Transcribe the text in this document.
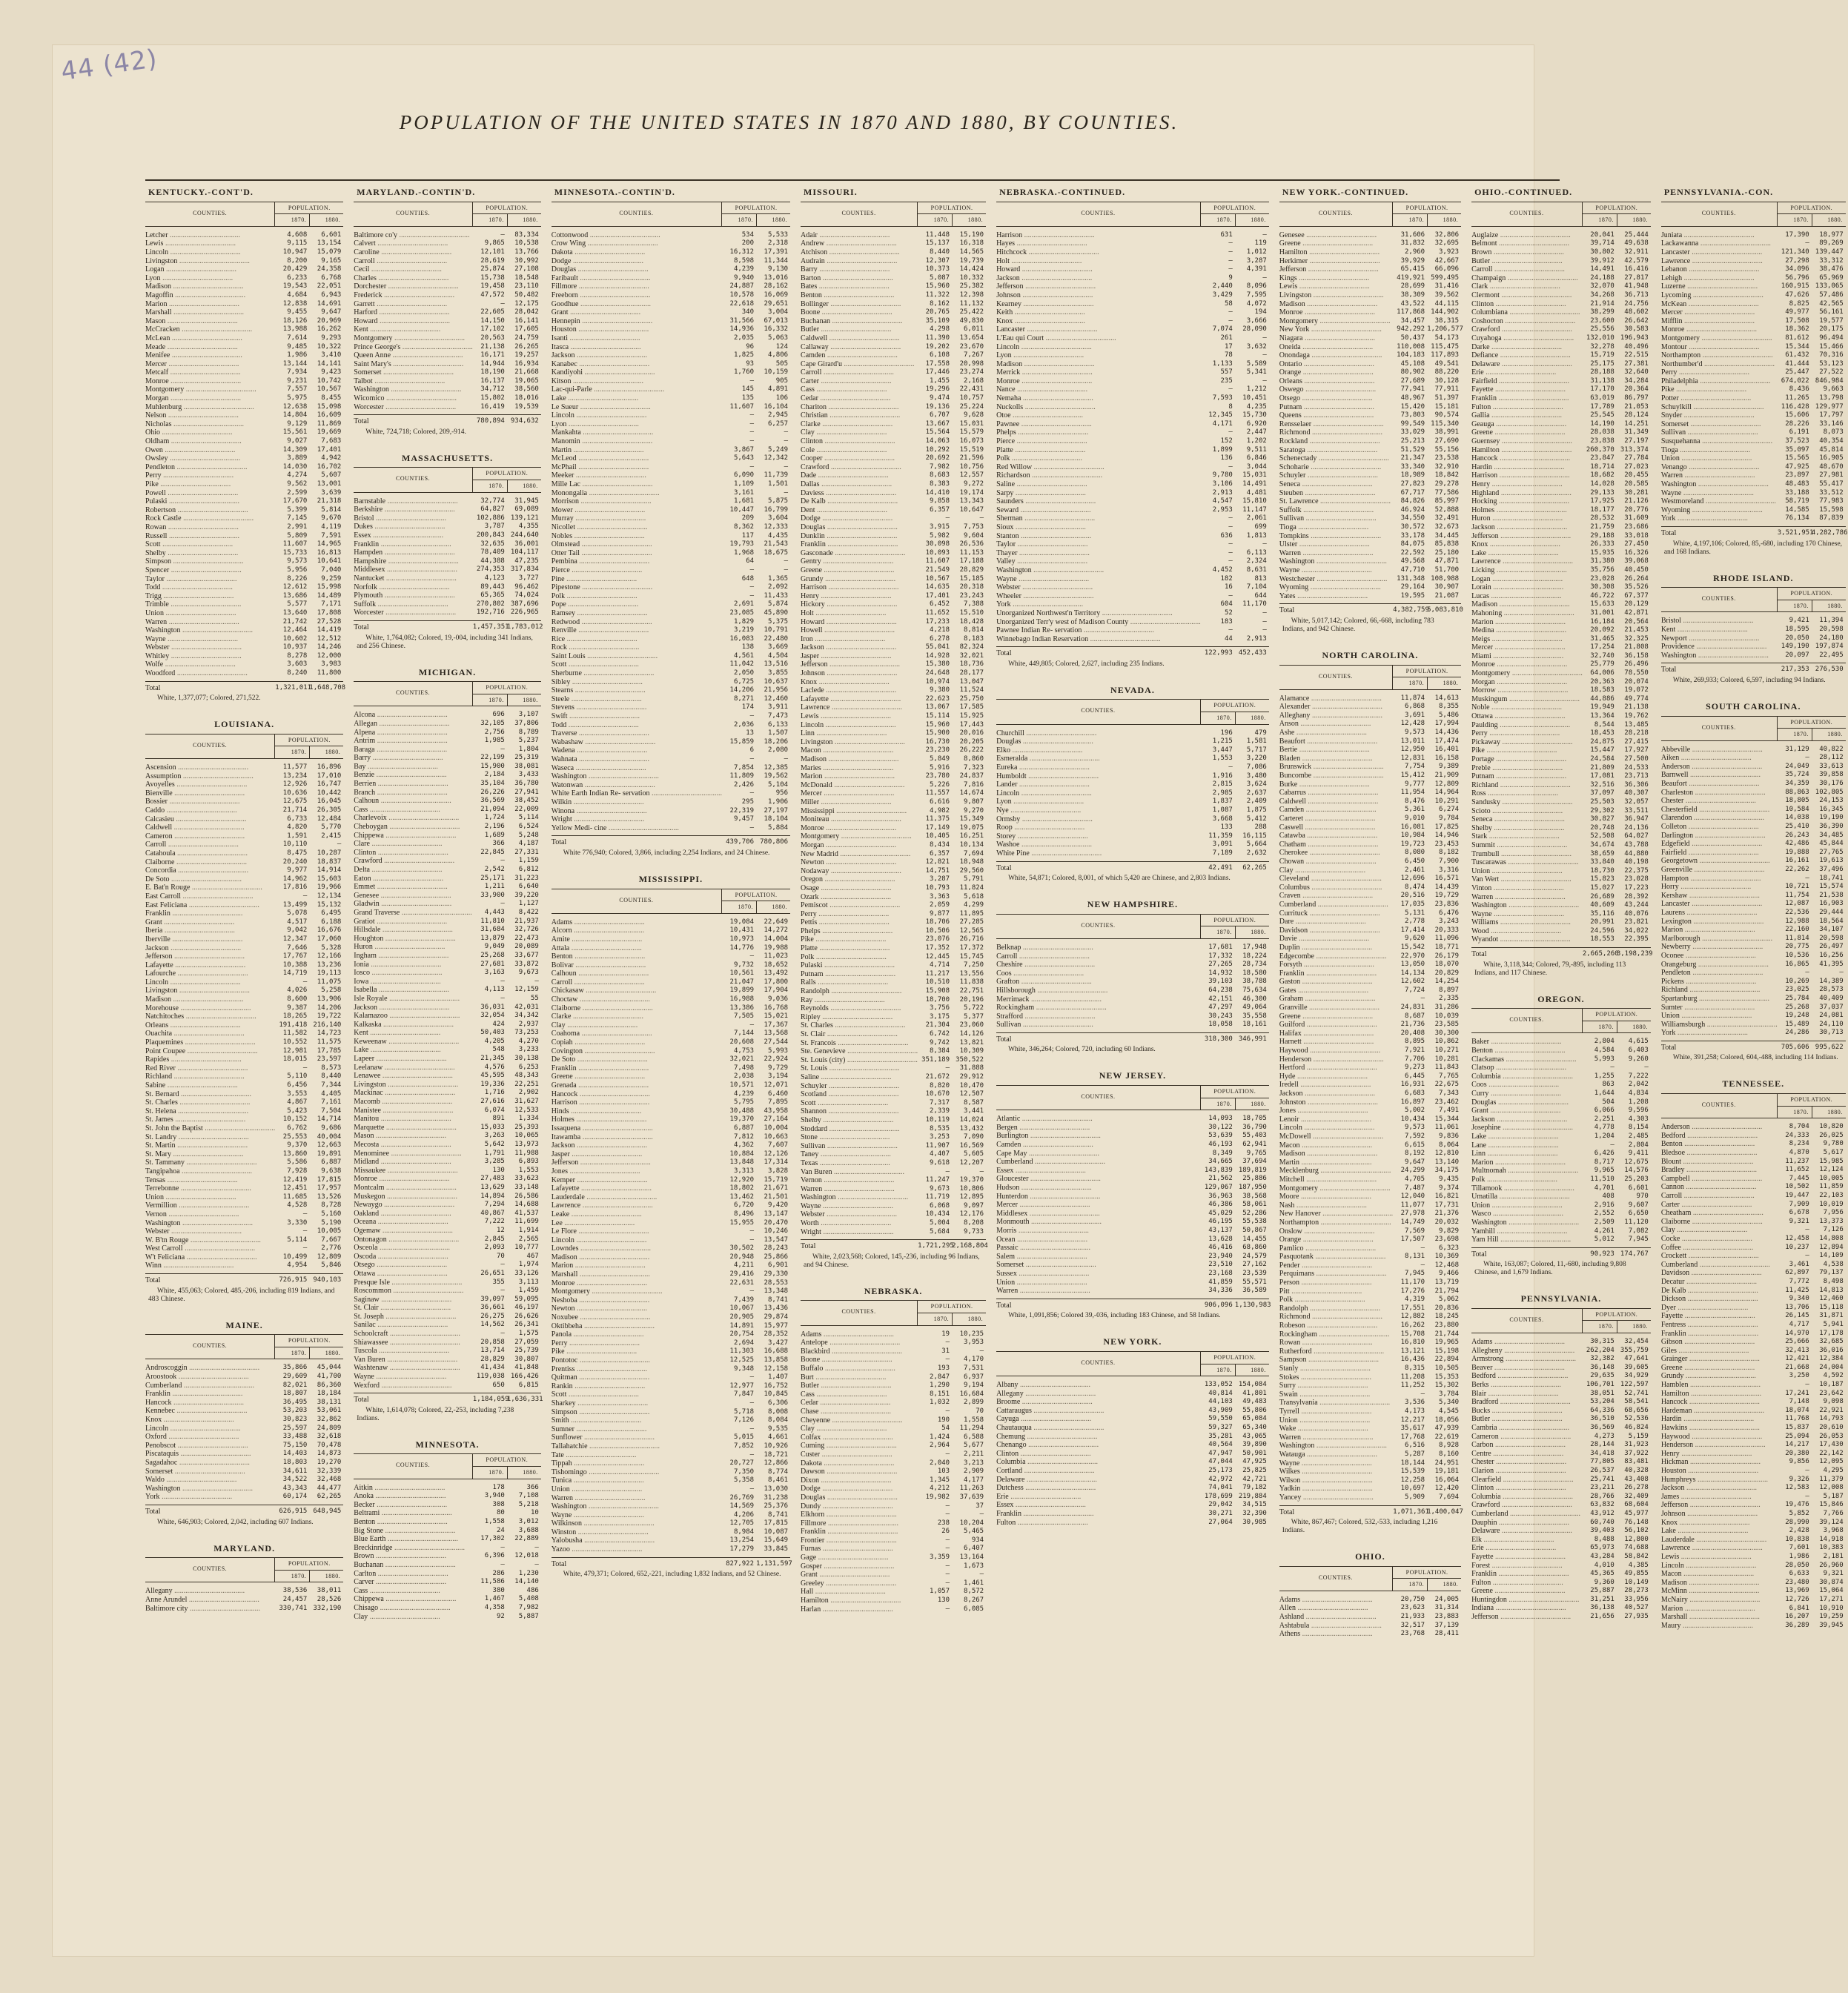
44 (42)
POPULATION OF THE UNITED STATES IN 1870 AND 1880, BY COUNTIES.
KENTUCKY.-CONT'D.
COUNTIES.
POPULATION.
1870.	1880.
Letcher .....	4,608	6,601
Lewis .....	9,115	13,154
Lincoln .....	10,947	15,079
Livingston .....	8,200	9,165
Logan .....	20,429	24,358
Lyon .....	6,233	6,768
Madison .....	19,543	22,051
Magoffin .....	4,684	6,943
Marion .....	12,838	14,691
Marshall .....	9,455	9,647
Mason .....	18,126	20,969
McCracken .....	13,988	16,262
McLean .....	7,614	9,293
Meade .....	9,485	10,322
Menifee .....	1,986	3,410
Mercer .....	13,144	14,141
Metcalf .....	7,934	9,423
Monroe .....	9,231	10,742
Montgomery .....	7,557	10,567
Morgan .....	5,975	8,455
Muhlenburg .....	12,638	15,098
Nelson .....	14,804	16,609
Nicholas .....	9,129	11,869
Ohio .....	15,561	19,669
Oldham .....	9,027	7,683
Owen .....	14,309	17,401
Owsley .....	3,889	4,942
Pendleton .....	14,030	16,702
Perry .....	4,274	5,607
Pike .....	9,562	13,001
Powell .....	2,599	3,639
Pulaski .....	17,670	21,318
Robertson .....	5,399	5,814
Rock Castle .....	7,145	9,670
Rowan .....	2,991	4,119
Russell .....	5,809	7,591
Scott .....	11,607	14,965
Shelby .....	15,733	16,813
Simpson .....	9,573	10,641
Spencer .....	5,956	7,040
Taylor .....	8,226	9,259
Todd .....	12,612	15,998
Trigg .....	13,686	14,489
Trimble .....	5,577	7,171
Union .....	13,640	17,808
Warren .....	21,742	27,528
Washington .....	12,464	14,419
Wayne .....	10,602	12,512
Webster .....	10,937	14,246
Whitley .....	8,278	12,000
Wolfe .....	3,603	3,983
Woodford .....	8,240	11,800
Total	1,321,011
1,648,708
White, 1,377,077; Colored, 271,522.
LOUISIANA.
COUNTIES.
POPULATION.
1870.	1880.
Ascension .....	11,577	16,896
Assumption .....	13,234	17,010
Avoyelles .....	12,926	16,747
Bienville .....	10,636	10,442
Bossier .....	12,675	16,045
Caddo .....	21,714	26,305
Calcasieu .....	6,733	12,484
Caldwell .....	4,820	5,770
Cameron .....	1,591	2,415
Carroll .....	10,110	—
Catahoula .....	8,475	10,287
Claiborne .....	20,240	18,837
Concordia .....	9,977	14,914
De Soto .....	14,962	15,603
E. Bat'n Rouge .....	17,816	19,966
East Carroll .....	—	12,134
East Feliciana .....	13,499	15,132
Franklin .....	5,078	6,495
Grant .....	4,517	6,188
Iberia .....	9,042	16,676
Iberville .....	12,347	17,060
Jackson .....	7,646	5,328
Jefferson .....	17,767	12,166
Lafayette .....	10,388	13,236
Lafourche .....	14,719	19,113
Lincoln .....	—	11,075
Livingston .....	4,026	5,258
Madison .....	8,600	13,906
Morehouse .....	9,387	14,206
Natchitoches .....	18,265	19,722
Orleans .....	191,418 216,140
Ouachita .....	11,582	14,723
Plaquemines .....	10,552	11,575
Point Coupee .....	12,981	17,785
Rapides .....	18,015	23,597
Red River .....	—	8,573
Richland .....	5,110	8,440
Sabine .....	6,456	7,344
St. Bernard .....	3,553	4,405
St. Charles .....	4,867	7,161
St. Helena .....	5,423	7,504
St. James .....	10,152	14,714
St. John the Baptist .....	6,762	9,686
St. Landry .....	25,553	40,004
St. Martin .....	9,370	12,663
St. Mary .....	13,860	19,891
St. Tammany .....	5,586	6,887
Tangipahoa .....	7,928	9,638
Tensas .....	12,419	17,815
Terrebonne .....	12,451	17,957
Union .....	11,685	13,526
Vermillion .....	4,528	8,728
Vernon .....	—	5,160
Washington .....	3,330	5,190
Webster .....	—	10,005
W. B'tn Rouge .....	5,114	7,667
West Carroll .....	—	2,776
W't Feliciana .....	10,499	12,809
Winn .....	4,954	5,846
Total	726,915 940,103
White, 455,063; Colored, 485,-206, including 819 Indians, and 483 Chinese.
MAINE.
COUNTIES.
POPULATION.
1870.	1880.
Androscoggin .....	35,866	45,044
Aroostook .....	29,609	41,700
Cumberland .....	82,021	86,360
Franklin .....	18,807	18,184
Hancock .....	36,495	38,131
Kennebec .....	53,203	53,061
Knox .....	30,823	32,862
Lincoln .....	25,597	24,809
Oxford .....	33,488	32,618
Penobscot .....	75,150	70,478
Piscataquis .....	14,403	14,873
Sagadahoc .....	18,803	19,270
Somerset .....	34,611	32,339
Waldo .....	34,522	32,468
Washington .....	43,343	44,477
York .....	60,174	62,265
Total	626,915 648,945
White, 646,903; Colored, 2,042, including 607 Indians.
MARYLAND.
COUNTIES.
POPULATION.
1870.	1880.
Allegany .....	38,536	38,011
Anne Arundel .....	24,457	28,526
Baltimore city .....	330,741 332,190
MARYLAND.-CONTIN'D.
COUNTIES.
POPULATION.
1870.	1880.
Baltimore co'y .....	—	83,334
Calvert .....	9,865	10,538
Caroline .....	12,101	13,766
Carroll .....	28,619	30,992
Cecil .....	25,874	27,108
Charles .....	15,738	18,548
Dorchester .....	19,458	23,110
Frederick .....	47,572	50,482
Garrett .....	—	12,175
Harford .....	22,605	28,042
Howard .....	14,150	16,141
Kent .....	17,102	17,605
Montgomery .....	20,563	24,759
Prince George's .....	21,138	26,265
Queen Anne .....	16,171	19,257
Saint Mary's .....	14,944	16,934
Somerset .....	18,190	21,668
Talbot .....	16,137	19,065
Washington .....	34,712	38,560
Wicomico .....	15,802	18,016
Worcester .....	16,419	19,539
Total	780,894 934,632
White, 724,718; Colored, 209,-914.
MASSACHUSETTS.
COUNTIES.
POPULATION.
1870.	1880.
Barnstable .....	32,774	31,945
Berkshire .....	64,827	69,089
Bristol .....	102,886 139,121
Dukes .....	3,787	4,355
Essex .....	200,843 244,640
Franklin .....	32,635	36,001
Hampden .....	78,409 104,117
Hampshire .....	44,388	47,235
Middlesex .....	274,353 317,834
Nantucket .....	4,123	3,727
Norfolk .....	89,443	96,462
Plymouth .....	65,365	74,024
Suffolk .....	270,802 387,696
Worcester .....	192,716 226,965
Total	1,457,351
1,783,012
White, 1,764,082; Colored, 19,-004, including 341 Indians, and 256 Chinese.
MICHIGAN.
COUNTIES.
POPULATION.
1870.	1880.
Alcona .....	696	3,107
Allegan .....	32,105	37,806
Alpena .....	2,756	8,789
Antrim .....	1,985	5,237
Baraga .....	—	1,804
Barry .....	22,199	25,319
Bay .....	15,900	38,081
Benzie .....	2,184	3,433
Berrien .....	35,104	36,780
Branch .....	26,226	27,941
Calhoun .....	36,569	38,452
Cass .....	21,094	22,009
Charlevoix .....	1,724	5,114
Cheboygan .....	2,196	6,524
Chippewa .....	1,689	5,248
Clare .....	366	4,187
Clinton .....	22,845	27,331
Crawford .....	—	1,159
Delta .....	2,542	6,812
Eaton .....	25,171	31,223
Emmet .....	1,211	6,640
Genesee .....	33,900	39,220
Gladwin .....	—	1,127
Grand Traverse .....	4,443	8,422
Gratiot .....	11,810	21,937
Hillsdale .....	31,684	32,726
Houghton .....	13,879	22,473
Huron .....	9,049	20,089
Ingham .....	25,268	33,677
Ionia .....	27,681	33,872
Iosco .....	3,163	9,673
Iowa .....	—	—
Isabella .....	4,113	12,159
Isle Royale .....	—	55
Jackson .....	36,031	42,031
Kalamazoo .....	32,054	34,342
Kalkaska .....	424	2,937
Kent .....	50,403	73,253
Keweenaw .....	4,205	4,270
Lake .....	548	3,233
Lapeer .....	21,345	30,138
Leelanaw .....	4,576	6,253
Lenawee .....	45,595	48,343
Livingston .....	19,336	22,251
Mackinac .....	1,716	2,902
Macomb .....	27,616	31,627
Manistee .....	6,074	12,533
Manitou .....	891	1,334
Marquette .....	15,033	25,393
Mason .....	3,263	10,065
Mecosta .....	5,642	13,973
Menominee .....	1,791	11,988
Midland .....	3,285	6,893
Missaukee .....	130	1,553
Monroe .....	27,483	33,623
Montcalm .....	13,629	33,148
Muskegon .....	14,894	26,586
Newaygo .....	7,294	14,688
Oakland .....	40,867	41,537
Oceana .....	7,222	11,699
Ogemaw .....	12	1,914
Ontonagon .....	2,845	2,565
Osceola .....	2,093	10,777
Oscoda .....	70	467
Otsego .....	—	1,974
Ottawa .....	26,651	33,126
Presque Isle .....	355	3,113
Roscommon .....	—	1,459
Saginaw .....	39,097	59,095
St. Clair .....	36,661	46,197
St. Joseph .....	26,275	26,626
Sanilac .....	14,562	26,341
Schoolcraft .....	—	1,575
Shiawassee .....	20,858	27,059
Tuscola .....	13,714	25,739
Van Buren .....	28,829	30,807
Washtenaw .....	41,434	41,848
Wayne .....	119,038 166,426
Wexford .....	650	6,815
Total	1,184,059
1,636,331
White, 1,614,078; Colored, 22,-253, including 7,238 Indians.
MINNESOTA.
COUNTIES.
POPULATION.
1870.	1880.
Aitkin .....	178	366
Anoka .....	3,940	7,108
Becker .....	308	5,218
Beltrami .....	80	10
Benton .....	1,558	3,012
Big Stone .....	24	3,688
Blue Earth .....	17,302	22,889
Breckinridge .....	—	—
Brown .....	6,396	12,018
Buchanan .....	—	—
Carlton .....	286	1,230
Carver .....	11,586	14,140
Cass .....	380	486
Chippewa .....	1,467	5,408
Chisago .....	4,358	7,982
Clay .....	92	5,887
MINNESOTA.-CONTIN'D.
COUNTIES.
POPULATION.
1870.	1880.
Cottonwood .....	534	5,533
Crow Wing .....	200	2,318
Dakota .....	16,312	17,391
Dodge .....	8,598	11,344
Douglas .....	4,239	9,130
Faribault .....	9,940	13,016
Fillmore .....	24,887	28,162
Freeborn .....	10,578	16,069
Goodhue .....	22,618	29,651
Grant .....	340	3,004
Hennepin .....	31,566	67,013
Houston .....	14,936	16,332
Isanti .....	2,035	5,063
Itasca .....	96	124
Jackson .....	1,825	4,806
Kanabec .....	93	505
Kandiyohi .....	1,760	10,159
Kitson .....	—	905
Lac-qui-Parle .....	145	4,891
Lake .....	135	106
Le Sueur .....	11,607	16,104
Lincoln .....	—	2,945
Lyon .....	—	6,257
Mankahta .....	—	—
Manomin .....	—	—
Martin .....	3,867	5,249
McLeod .....	5,643	12,342
McPhail .....	—	—
Meeker .....	6,090	11,739
Mille Lac .....	1,109	1,501
Monongalia .....	3,161	—
Morrison .....	1,681	5,875
Mower .....	10,447	16,799
Murray .....	209	3,604
Nicollet .....	8,362	12,333
Nobles .....	117	4,435
Olmstead .....	19,793	21,543
Otter Tail .....	1,968	18,675
Pembina .....	64	—
Pierce .....	—	—
Pine .....	648	1,365
Pipestone .....	—	2,092
Polk .....	—	11,433
Pope .....	2,691	5,874
Ramsey .....	23,085	45,890
Redwood .....	1,829	5,375
Renville .....	3,219	10,791
Rice .....	16,083	22,480
Rock .....	138	3,669
Saint Louis .....	4,561	4,504
Scott .....	11,042	13,516
Sherburne .....	2,050	3,855
Sibley .....	6,725	10,637
Stearns .....	14,206	21,956
Steele .....	8,271	12,460
Stevens .....	174	3,911
Swift .....	—	7,473
Todd .....	2,036	6,133
Traverse .....	13	1,507
Wabashaw .....	15,859	18,206
Wadena .....	6	2,080
Wahnata .....	—	—
Waseca .....	7,854	12,385
Washington .....	11,809	19,562
Watonwan .....	2,426	5,104
White Earth Indian Re- servation .....	—	956
Wilkin .....	295	1,906
Winona .....	22,319	27,197
Wright .....	9,457	18,104
Yellow Medi- cine .....	—	5,884
Total	439,706 780,806
White 776,940; Colored, 3,866, including 2,254 Indians, and 24 Chinese.
MISSISSIPPI.
COUNTIES.
POPULATION.
1870.	1880.
Adams .....	19,084	22,649
Alcorn .....	10,431	14,272
Amite .....	10,973	14,004
Attala .....	14,776	19,988
Benton .....	—	11,023
Bolivar .....	9,732	18,652
Calhoun .....	10,561	13,492
Carroll .....	21,047	17,800
Chickasaw .....	19,899	17,904
Choctaw .....	16,988	9,036
Claiborne .....	13,386	16,768
Clarke .....	7,505	15,021
Clay .....	—	17,367
Coahoma .....	7,144	13,568
Copiah .....	20,608	27,544
Covington .....	4,753	5,993
De Soto .....	32,021	22,924
Franklin .....	7,498	9,729
Greene .....	2,038	3,194
Grenada .....	10,571	12,071
Hancock .....	4,239	6,460
Harrison .....	5,795	7,895
Hinds .....	30,488	43,958
Holmes .....	19,370	27,164
Issaquena .....	6,887	10,004
Itawamba .....	7,812	10,663
Jackson .....	4,362	7,607
Jasper .....	10,884	12,126
Jefferson .....	13,848	17,314
Jones .....	3,313	3,828
Kemper .....	12,920	15,719
Lafayette .....	18,802	21,671
Lauderdale .....	13,462	21,501
Lawrence .....	6,720	9,420
Leake .....	8,496	13,147
Lee .....	15,955	20,470
Le Flore .....	—	10,246
Lincoln .....	—	13,547
Lowndes .....	30,502	28,243
Madison .....	20,948	25,866
Marion .....	4,211	6,901
Marshall .....	29,416	29,330
Monroe .....	22,631	28,553
Montgomery .....	—	13,348
Neshoba .....	7,439	8,741
Newton .....	10,067	13,436
Noxubee .....	20,905	29,874
Oktibbeha .....	14,891	15,977
Panola .....	20,754	28,352
Perry .....	2,694	3,427
Pike .....	11,303	16,688
Pontotoc .....	12,525	13,858
Prentiss .....	9,348	12,158
Quitman .....	—	1,407
Rankin .....	12,977	16,752
Scott .....	7,847	10,845
Sharkey .....	—	6,306
Simpson .....	5,718	8,008
Smith .....	7,126	8,084
Sumner .....	—	9,535
Sunflower .....	5,015	4,661
Tallahatchie .....	7,852	10,926
Tate .....	—	18,721
Tippah .....	20,727	12,866
Tishomingo .....	7,350	8,774
Tunica .....	5,358	8,461
Union .....	—	13,030
Warren .....	26,769	31,238
Washington .....	14,569	25,376
Wayne .....	4,206	8,741
Wilkinson .....	12,705	17,815
Winston .....	8,984	10,087
Yalobusha .....	13,254	15,649
Yazoo .....	17,279	33,845
Total	827,922 1,131,597
White, 479,371; Colored, 652,-221, including 1,832 Indians, and 52 Chinese.
MISSOURI.
COUNTIES.
POPULATION.
1870.	1880.
Adair .....	11,448	15,190
Andrew .....	15,137	16,318
Atchison .....	8,440	14,565
Audrain .....	12,307	19,739
Barry .....	10,373	14,424
Barton .....	5,087	10,332
Bates .....	15,960	25,382
Benton .....	11,322	12,398
Bollinger .....	8,162	11,132
Boone .....	20,765	25,422
Buchanan .....	35,109	49,830
Butler .....	4,298	6,011
Caldwell .....	11,390	13,654
Callaway .....	19,202	23,670
Camden .....	6,108	7,267
Cape Girard'u .....	17,558	20,998
Carroll .....	17,446	23,274
Carter .....	1,455	2,168
Cass .....	19,296	22,431
Cedar .....	9,474	10,757
Chariton .....	19,136	25,224
Christian .....	6,707	9,628
Clarke .....	13,667	15,031
Clay .....	15,564	15,579
Clinton .....	14,063	16,073
Cole .....	10,292	15,519
Cooper .....	20,692	21,596
Crawford .....	7,982	10,756
Dade .....	8,683	12,557
Dallas .....	8,383	9,272
Daviess .....	14,410	19,174
De Kalb .....	9,858	13,343
Dent .....	6,357	10,647
Dodge .....	—	—
Douglas .....	3,915	7,753
Dunklin .....	5,982	9,604
Franklin .....	30,098	26,536
Gasconade .....	10,093	11,153
Gentry .....	11,607	17,188
Greene .....	21,549	28,829
Grundy .....	10,567	15,185
Harrison .....	14,635	20,318
Henry .....	17,401	23,243
Hickory .....	6,452	7,388
Holt .....	11,652	15,510
Howard .....	17,233	18,428
Howell .....	4,218	8,814
Iron .....	6,278	8,183
Jackson .....	55,041	82,324
Jasper .....	14,928	32,021
Jefferson .....	15,380	18,736
Johnson .....	24,648	28,177
Knox .....	10,974	13,047
Laclede .....	9,380	11,524
Lafayette .....	22,623	25,750
Lawrence .....	13,067	17,585
Lewis .....	15,114	15,925
Lincoln .....	15,960	17,443
Linn .....	15,900	20,016
Livingston .....	16,730	20,205
Macon .....	23,230	26,222
Madison .....	5,849	8,860
Maries .....	5,916	7,323
Marion .....	23,780	24,837
McDonald .....	5,226	7,816
Mercer .....	11,557	14,674
Miller .....	6,616	9,807
Mississippi .....	4,982	9,270
Moniteau .....	11,375	15,349
Monroe .....	17,149	19,075
Montgomery .....	10,405	16,251
Morgan .....	8,434	10,134
New Madrid .....	6,357	7,694
Newton .....	12,821	18,948
Nodaway .....	14,751	29,560
Oregon .....	3,287	5,791
Osage .....	10,793	11,824
Ozark .....	3,363	5,618
Pemiscot .....	2,059	4,299
Perry .....	9,877	11,895
Pettis .....	18,706	27,285
Phelps .....	10,506	12,565
Pike .....	23,076	26,716
Platte .....	17,352	17,372
Polk .....	12,445	15,745
Pulaski .....	4,714	7,250
Putnam .....	11,217	13,556
Ralls .....	10,510	11,838
Randolph .....	15,908	22,751
Ray .....	18,700	20,196
Reynolds .....	3,756	5,722
Ripley .....	3,175	5,377
St. Charles .....	21,304	23,060
St. Clair .....	6,742	14,126
St. Francois .....	9,742	13,821
Ste. Genevieve .....	8,384	10,309
St. Louis (city) .....	351,189 350,522
St. Louis .....	—	31,888
Saline .....	21,672	29,912
Schuyler .....	8,820	10,470
Scotland .....	10,670	12,507
Scott .....	7,317	8,587
Shannon .....	2,339	3,441
Shelby .....	10,119	14,024
Stoddard .....	8,535	13,432
Stone .....	3,253	7,090
Sullivan .....	11,907	16,569
Taney .....	4,407	5,605
Texas .....	9,618	12,207
Van Buren .....	—	—
Vernon .....	11,247	19,370
Warren .....	9,673	10,806
Washington .....	11,719	12,895
Wayne .....	6,068	9,097
Webster .....	10,434	12,176
Worth .....	5,004	8,208
Wright .....	5,684	9,733
Total	1,721,295
2,168,804
White, 2,023,568; Colored, 145,-236, including 96 Indians, and 94 Chinese.
NEBRASKA.
COUNTIES.
POPULATION.
1870.	1880.
Adams .....	19	10,235
Antelope .....	—	3,953
Blackbird .....	31	—
Boone .....	—	4,170
Buffalo .....	193	7,531
Burt .....	2,847	6,937
Butler .....	1,290	9,194
Cass .....	8,151	16,684
Cedar .....	1,032	2,899
Chase .....	—	70
Cheyenne .....	190	1,558
Clay .....	54	11,294
Colfax .....	1,424	6,588
Cuming .....	2,964	5,677
Custer .....	—	2,211
Dakota .....	2,040	3,213
Dawson .....	103	2,909
Dixon .....	1,345	4,177
Dodge .....	4,212	11,263
Douglas .....	19,982	37,639
Dundy .....	—	37
Elkhorn .....	—	—
Fillmore .....	238	10,204
Franklin .....	26	5,465
Frontier .....	—	934
Furnas .....	—	6,407
Gage .....	3,359	13,164
Gosper .....	—	1,673
Grant .....	—	—
Greeley .....	—	1,461
Hall .....	1,057	8,572
Hamilton .....	130	8,267
Harlan .....	—	6,085
NEBRASKA.-CONTINUED.
COUNTIES.
POPULATION.
1870.	1880.
Harrison .....	631	—
Hayes .....	—	119
Hitchcock .....	—	1,012
Holt .....	—	3,287
Howard .....	—	4,391
Jackson .....	9	—
Jefferson .....	2,440	8,096
Johnson .....	3,429	7,595
Kearney .....	58	4,072
Keith .....	—	194
Knox .....	—	3,666
Lancaster .....	7,074	28,090
L'Eau qui Court .....	261	—
Lincoln .....	17	3,632
Lyon .....	78	—
Madison .....	1,133	5,589
Merrick .....	557	5,341
Monroe .....	235	—
Nance .....	—	1,212
Nemaha .....	7,593	10,451
Nuckolls .....	8	4,235
Otoe .....	12,345	15,730
Pawnee .....	4,171	6,920
Phelps .....	—	2,447
Pierce .....	152	1,202
Platte .....	1,899	9,511
Polk .....	136	6,846
Red Willow .....	—	3,044
Richardson .....	9,780	15,031
Saline .....	3,106	14,491
Sarpy .....	2,913	4,481
Saunders .....	4,547	15,810
Seward .....	2,953	11,147
Sherman .....	—	2,061
Sioux .....	—	699
Stanton .....	636	1,813
Taylor .....	—	—
Thayer .....	—	6,113
Valley .....	—	2,324
Washington .....	4,452	8,631
Wayne .....	182	813
Webster .....	16	7,104
Wheeler .....	—	644
York .....	604	11,170
Unorganized Northwest'n Territory .....	52	—
Unorganized Terr'y west of Madison County .....	183	—
Pawnee Indian Re- servation .....	—	—
Winnebago Indian Reservation .....	44	2,913
Total	122,993 452,433
White, 449,805; Colored, 2,627, including 235 Indians.
NEVADA.
COUNTIES.
POPULATION.
1870.	1880.
Churchill .....	196	479
Douglas .....	1,215	1,581
Elko .....	3,447	5,717
Esmeralda .....	1,553	3,220
Eureka .....	—	7,086
Humboldt .....	1,916	3,480
Lander .....	2,815	3,624
Lincoln .....	2,985	2,637
Lyon .....	1,837	2,409
Nye .....	1,087	1,875
Ormsby .....	3,668	5,412
Roop .....	133	288
Storey .....	11,359	16,115
Washoe .....	3,091	5,664
White Pine .....	7,189	2,632
Total	42,491	62,265
White, 54,871; Colored, 8,001, of which 5,420 are Chinese, and 2,803 Indians.
NEW HAMPSHIRE.
COUNTIES.
POPULATION.
1870.	1880.
Belknap .....	17,681	17,948
Carroll .....	17,332	18,224
Cheshire .....	27,265	28,734
Coos .....	14,932	18,580
Grafton .....	39,103	38,788
Hillsborough .....	64,238	75,634
Merrimack .....	42,151	46,300
Rockingham .....	47,297	49,064
Strafford .....	30,243	35,558
Sullivan .....	18,058	18,161
Total	318,300 346,991
White, 346,264; Colored, 720, including 60 Indians.
NEW JERSEY.
COUNTIES.
POPULATION.
1870.	1880.
Atlantic .....	14,093	18,705
Bergen .....	30,122	36,790
Burlington .....	53,639	55,403
Camden .....	46,193	62,941
Cape May .....	8,349	9,765
Cumberland .....	34,665	37,694
Essex .....	143,839 189,819
Gloucester .....	21,562	25,886
Hudson .....	129,067 187,950
Hunterdon .....	36,963	38,568
Mercer .....	46,386	58,061
Middlesex .....	45,029	52,286
Monmouth .....	46,195	55,538
Morris .....	43,137	50,867
Ocean .....	13,628	14,455
Passaic .....	46,416	68,860
Salem .....	23,940	24,579
Somerset .....	23,510	27,162
Sussex .....	23,168	23,539
Union .....	41,859	55,571
Warren .....	34,336	36,589
Total	906,096 1,130,983
White, 1,091,856; Colored 39,-036, including 183 Chinese, and 58 Indians.
NEW YORK.
COUNTIES.
POPULATION.
1870.	1880.
Albany .....	133,052 154,084
Allegany .....	40,814	41,801
Broome .....	44,103	49,483
Cattaraugus .....	43,909	55,806
Cayuga .....	59,550	65,084
Chautauqua .....	59,327	65,340
Chemung .....	35,281	43,065
Chenango .....	40,564	39,890
Clinton .....	47,947	50,901
Columbia .....	47,044	47,925
Cortland .....	25,173	25,825
Delaware .....	42,972	42,721
Dutchess .....	74,041	79,182
Erie .....	178,699 219,884
Essex .....	29,042	34,515
Franklin .....	30,271	32,390
Fulton .....	27,064	30,985
NEW YORK.-CONTINUED.
COUNTIES.
POPULATION.
1870.	1880.
Genesee .....	31,606	32,806
Greene .....	31,832	32,695
Hamilton .....	2,960	3,923
Herkimer .....	39,929	42,667
Jefferson .....	65,415	66,096
Kings .....	419,921 599,495
Lewis .....	28,699	31,416
Livingston .....	38,309	39,562
Madison .....	43,522	44,115
Monroe .....	117,868 144,902
Montgomery .....	34,457	38,315
New York .....	942,292 1,206,577
Niagara .....	50,437	54,173
Oneida .....	110,008 115,475
Onondaga .....	104,183 117,893
Ontario .....	45,108	49,541
Orange .....	80,902	88,220
Orleans .....	27,689	30,128
Oswego .....	77,941	77,911
Otsego .....	48,967	51,397
Putnam .....	15,420	15,181
Queens .....	73,803	90,574
Rensselaer .....	99,549 115,340
Richmond .....	33,029	38,991
Rockland .....	25,213	27,690
Saratoga .....	51,529	55,156
Schenectady .....	21,347	23,538
Schoharie .....	33,340	32,910
Schuyler .....	18,989	18,842
Seneca .....	27,823	29,278
Steuben .....	67,717	77,586
St. Lawrence .....	84,826	85,997
Suffolk .....	46,924	52,888
Sullivan .....	34,550	32,491
Tioga .....	30,572	32,673
Tompkins .....	33,178	34,445
Ulster .....	84,075	85,838
Warren .....	22,592	25,180
Washington .....	49,568	47,871
Wayne .....	47,710	51,700
Westchester .....	131,348 108,988
Wyoming .....	29,164	30,907
Yates .....	19,595	21,087
Total	4,382,759
5,083,810
White, 5,017,142; Colored, 66,-668, including 783 Indians, and 942 Chinese.
NORTH CAROLINA.
COUNTIES.
POPULATION.
1870.	1880.
Alamance .....	11,874	14,613
Alexander .....	6,868	8,355
Alleghany .....	3,691	5,486
Anson .....	12,428	17,994
Ashe .....	9,573	14,436
Beaufort .....	13,011	17,474
Bertie .....	12,950	16,401
Bladen .....	12,831	16,158
Brunswick .....	7,754	9,389
Buncombe .....	15,412	21,909
Burke .....	9,777	12,809
Cabarrus .....	11,954	14,964
Caldwell .....	8,476	10,291
Camden .....	5,361	6,274
Carteret .....	9,010	9,784
Caswell .....	16,081	17,825
Catawba .....	10,984	14,946
Chatham .....	19,723	23,453
Cherokee .....	8,080	8,182
Chowan .....	6,450	7,900
Clay .....	2,461	3,316
Cleveland .....	12,696	16,571
Columbus .....	8,474	14,439
Craven .....	20,516	19,729
Cumberland .....	17,035	23,836
Currituck .....	5,131	6,476
Dare .....	2,778	3,243
Davidson .....	17,414	20,333
Davie .....	9,620	11,096
Duplin .....	15,542	18,771
Edgecombe .....	22,970	26,179
Forsyth .....	13,050	18,070
Franklin .....	14,134	20,829
Gaston .....	12,602	14,254
Gates .....	7,724	8,897
Graham .....	—	2,335
Granville .....	24,831	31,286
Greene .....	8,687	10,039
Guilford .....	21,736	23,585
Halifax .....	20,408	30,300
Harnett .....	8,895	10,862
Haywood .....	7,921	10,271
Henderson .....	7,706	10,281
Hertford .....	9,273	11,843
Hyde .....	6,445	7,765
Iredell .....	16,931	22,675
Jackson .....	6,683	7,343
Johnston .....	16,897	23,462
Jones .....	5,002	7,491
Lenoir .....	10,434	15,344
Lincoln .....	9,573	11,061
McDowell .....	7,592	9,836
Macon .....	6,615	8,064
Madison .....	8,192	12,810
Martin .....	9,647	13,140
Mecklenburg .....	24,299	34,175
Mitchell .....	4,705	9,435
Montgomery .....	7,487	9,374
Moore .....	12,040	16,821
Nash .....	11,077	17,731
New Hanover .....	27,978	21,376
Northampton .....	14,749	20,032
Onslow .....	7,569	9,829
Orange .....	17,507	23,698
Pamlico .....	—	6,323
Pasquotank .....	8,131	10,369
Pender .....	—	12,468
Perquimans .....	7,945	9,466
Person .....	11,170	13,719
Pitt .....	17,276	21,794
Polk .....	4,319	5,062
Randolph .....	17,551	20,836
Richmond .....	12,882	18,245
Robeson .....	16,262	23,880
Rockingham .....	15,708	21,744
Rowan .....	16,810	19,965
Rutherford .....	13,121	15,198
Sampson .....	16,436	22,894
Stanly .....	8,315	10,505
Stokes .....	11,208	15,353
Surry .....	11,252	15,302
Swain .....	—	3,784
Transylvania .....	3,536	5,340
Tyrrell .....	4,173	4,545
Union .....	12,217	18,056
Wake .....	35,617	47,939
Warren .....	17,768	22,619
Washington .....	6,516	8,928
Watauga .....	5,287	8,160
Wayne .....	18,144	24,951
Wilkes .....	15,539	19,181
Wilson .....	12,258	16,064
Yadkin .....	10,697	12,420
Yancey .....	5,909	7,694
Total	1,071,361
1,400,047
White, 867,467; Colored, 532,-533, including 1,216 Indians.
OHIO.
COUNTIES.
POPULATION.
1870.	1880.
Adams .....	20,750	24,005
Allen .....	23,623	31,314
Ashland .....	21,933	23,883
Ashtabula .....	32,517	37,139
Athens .....	23,768	28,411
OHIO.-CONTINUED.
COUNTIES.
POPULATION.
1870.	1880.
Auglaize .....	20,041	25,444
Belmont .....	39,714	49,638
Brown .....	30,802	32,911
Butler .....	39,912	42,579
Carroll .....	14,491	16,416
Champaign .....	24,188	27,817
Clark .....	32,070	41,948
Clermont .....	34,268	36,713
Clinton .....	21,914	24,756
Columbiana .....	38,299	48,602
Coshocton .....	23,600	26,642
Crawford .....	25,556	30,583
Cuyahoga .....	132,010 196,943
Darke .....	32,278	40,496
Defiance .....	15,719	22,515
Delaware .....	25,175	27,381
Erie .....	28,188	32,640
Fairfield .....	31,138	34,284
Fayette .....	17,170	20,364
Franklin .....	63,019	86,797
Fulton .....	17,789	21,053
Gallia .....	25,545	28,124
Geauga .....	14,190	14,251
Greene .....	28,038	31,349
Guernsey .....	23,838	27,197
Hamilton .....	260,370 313,374
Hancock .....	23,847	27,784
Hardin .....	18,714	27,023
Harrison .....	18,682	20,455
Henry .....	14,028	20,585
Highland .....	29,133	30,281
Hocking .....	17,925	21,126
Holmes .....	18,177	20,776
Huron .....	28,532	31,609
Jackson .....	21,759	23,686
Jefferson .....	29,188	33,018
Knox .....	26,333	27,450
Lake .....	15,935	16,326
Lawrence .....	31,380	39,068
Licking .....	35,756	40,450
Logan .....	23,028	26,264
Lorain .....	30,308	35,526
Lucas .....	46,722	67,377
Madison .....	15,633	20,129
Mahoning .....	31,001	42,871
Marion .....	16,184	20,564
Medina .....	20,092	21,453
Meigs .....	31,465	32,325
Mercer .....	17,254	21,808
Miami .....	32,740	36,158
Monroe .....	25,779	26,496
Montgomery .....	64,006	78,550
Morgan .....	20,363	20,074
Morrow .....	18,583	19,072
Muskingum .....	44,886	49,774
Noble .....	19,949	21,138
Ottawa .....	13,364	19,762
Paulding .....	8,544	13,485
Perry .....	18,453	28,218
Pickaway .....	24,875	27,415
Pike .....	15,447	17,927
Portage .....	24,584	27,500
Preble .....	21,809	24,533
Putnam .....	17,081	23,713
Richland .....	32,516	36,306
Ross .....	37,097	40,307
Sandusky .....	25,503	32,057
Scioto .....	29,302	33,511
Seneca .....	30,827	36,947
Shelby .....	20,748	24,136
Stark .....	52,508	64,027
Summit .....	34,674	43,788
Trumbull .....	38,659	44,880
Tuscarawas .....	33,840	40,198
Union .....	18,730	22,375
Van Wert .....	15,823	23,028
Vinton .....	15,027	17,223
Warren .....	26,689	28,392
Washington .....	40,609	43,244
Wayne .....	35,116	40,076
Williams .....	20,991	23,821
Wood .....	24,596	34,022
Wyandot .....	18,553	22,395
Total	2,665,260
3,198,239
White, 3,118,344; Colored, 79,-895, including 113 Indians, and 117 Chinese.
OREGON.
COUNTIES.
POPULATION.
1870.	1880.
Baker .....	2,804	4,615
Benton .....	4,584	6,403
Clackamas .....	5,993	9,260
Clatsop .....	—	—
Columbia .....	1,255	7,222
Coos .....	863	2,042
Curry .....	1,644	4,834
Douglas .....	504	1,208
Grant .....	6,066	9,596
Jackson .....	2,251	4,303
Josephine .....	4,778	8,154
Lake .....	1,204	2,485
Lane .....	—	2,804
Linn .....	6,426	9,411
Marion .....	8,717	12,675
Multnomah .....	9,965	14,576
Polk .....	11,510	25,203
Tillamook .....	4,701	6,601
Umatilla .....	408	970
Union .....	2,916	9,607
Wasco .....	2,552	6,650
Washington .....	2,509	11,120
Yamhill .....	4,261	7,082
Yam Hill .....	5,012	7,945
Total	90,923 174,767
White, 163,087; Colored, 11,-680, including 9,808 Chinese, and 1,679 Indians.
PENNSYLVANIA.
COUNTIES.
POPULATION.
1870.	1880.
Adams .....	30,315	32,454
Allegheny .....	262,204 355,759
Armstrong .....	32,382	47,641
Beaver .....	36,148	39,605
Bedford .....	29,635	34,929
Berks .....	106,701 122,597
Blair .....	38,051	52,741
Bradford .....	53,204	58,541
Bucks .....	64,336	68,656
Butler .....	36,510	52,536
Cambria .....	36,569	46,824
Cameron .....	4,273	5,159
Carbon .....	28,144	31,923
Centre .....	34,418	37,922
Chester .....	77,805	83,481
Clarion .....	26,537	40,328
Clearfield .....	25,741	43,408
Clinton .....	23,211	26,278
Columbia .....	28,766	32,409
Crawford .....	63,832	68,604
Cumberland .....	43,912	45,977
Dauphin .....	60,740	76,148
Delaware .....	39,403	56,102
Elk .....	8,488	12,800
Erie .....	65,973	74,688
Fayette .....	43,284	58,842
Forest .....	4,010	4,385
Franklin .....	45,365	49,855
Fulton .....	9,360	10,149
Greene .....	25,887	28,273
Huntingdon .....	31,251	33,956
Indiana .....	36,138	40,527
Jefferson .....	21,656	27,935
PENNSYLVANIA.-CON.
COUNTIES.
POPULATION.
1870.	1880.
Juniata .....	17,390	18,977
Lackawanna .....	—	89,269
Lancaster .....	121,340 139,447
Lawrence .....	27,298	33,312
Lebanon .....	34,096	38,476
Lehigh .....	56,796	65,969
Luzerne .....	160,915 133,065
Lycoming .....	47,626	57,486
McKean .....	8,825	42,565
Mercer .....	49,977	56,161
Mifflin .....	17,508	19,577
Monroe .....	18,362	20,175
Montgomery .....	81,612	96,494
Montour .....	15,344	15,466
Northampton .....	61,432	70,316
Northumber'd .....	41,444	53,123
Perry .....	25,447	27,522
Philadelphia .....	674,022 846,984
Pike .....	8,436	9,663
Potter .....	11,265	13,798
Schuylkill .....	116,428 129,977
Snyder .....	15,606	17,797
Somerset .....	28,226	33,146
Sullivan .....	6,191	8,073
Susquehanna .....	37,523	40,354
Tioga .....	35,097	45,814
Union .....	15,565	16,905
Venango .....	47,925	48,670
Warren .....	23,897	27,981
Washington .....	48,483	55,417
Wayne .....	33,188	33,512
Westmoreland .....	58,719	77,983
Wyoming .....	14,585	15,598
York .....	76,134	87,839
Total	3,521,951
4,282,786
White, 4,197,106; Colored, 85,-680, including 170 Chinese, and 168 Indians.
RHODE ISLAND.
COUNTIES.
POPULATION.
1870.	1880.
Bristol .....	9,421	11,394
Kent .....	18,595	20,598
Newport .....	20,050	24,180
Providence .....	149,190 197,874
Washington .....	20,097	22,495
Total	217,353 276,530
White, 269,933; Colored, 6,597, including 94 Indians.
SOUTH CAROLINA.
COUNTIES.
POPULATION.
1870.	1880.
Abbeville .....	31,129	40,822
Aiken .....	—	28,112
Anderson .....	24,049	33,613
Barnwell .....	35,724	39,858
Beaufort .....	34,359	30,176
Charleston .....	88,863 102,805
Chester .....	18,805	24,153
Chesterfield .....	10,584	16,345
Clarendon .....	14,038	19,190
Colleton .....	25,410	36,390
Darlington .....	26,243	34,485
Edgefield .....	42,486	45,844
Fairfield .....	19,888	27,765
Georgetown .....	16,161	19,613
Greenville .....	22,262	37,496
Hampton .....	—	18,741
Horry .....	10,721	15,574
Kershaw .....	11,754	21,538
Lancaster .....	12,087	16,903
Laurens .....	22,536	29,444
Lexington .....	12,988	18,564
Marion .....	22,160	34,107
Marlborough .....	11,814	20,598
Newberry .....	20,775	26,497
Oconee .....	10,536	16,256
Orangeburg .....	16,865	41,395
Pendleton .....	—	—
Pickens .....	10,269	14,389
Richland .....	23,025	28,573
Spartanburg .....	25,784	40,409
Sumter .....	25,268	37,037
Union .....	19,248	24,081
Williamsburgh .....	15,489	24,110
York .....	24,286	30,713
Total	705,606 995,622
White, 391,258; Colored, 604,-488, including 114 Indians.
TENNESSEE.
COUNTIES.
POPULATION.
1870.	1880.
Anderson .....	8,704	10,820
Bedford .....	24,333	26,025
Benton .....	8,234	9,780
Bledsoe .....	4,870	5,617
Blount .....	11,237	15,985
Bradley .....	11,652	12,124
Campbell .....	7,445	10,005
Cannon .....	10,502	11,859
Carroll .....	19,447	22,103
Carter .....	7,909	10,019
Cheatham .....	6,678	7,956
Claiborne .....	9,321	13,373
Clay .....	—	7,126
Cocke .....	12,458	14,808
Coffee .....	10,237	12,894
Crockett .....	—	14,109
Cumberland .....	3,461	4,538
Davidson .....	62,897	79,137
Decatur .....	7,772	8,498
De Kalb .....	11,425	14,813
Dickson .....	9,340	12,460
Dyer .....	13,706	15,118
Fayette .....	26,145	31,871
Fentress .....	4,717	5,941
Franklin .....	14,970	17,178
Gibson .....	25,666	32,685
Giles .....	32,413	36,016
Grainger .....	12,421	12,384
Greene .....	21,668	24,004
Grundy .....	3,250	4,592
Hamblen .....	—	10,187
Hamilton .....	17,241	23,642
Hancock .....	7,148	9,098
Hardeman .....	18,074	22,921
Hardin .....	11,768	14,793
Hawkins .....	15,837	20,610
Haywood .....	25,094	26,053
Henderson .....	14,217	17,430
Henry .....	20,380	22,142
Hickman .....	9,856	12,095
Houston .....	—	4,295
Humphreys .....	9,326	11,379
Jackson .....	12,583	12,008
James .....	—	5,187
Jefferson .....	19,476	15,846
Johnson .....	5,852	7,766
Knox .....	28,990	39,124
Lake .....	2,428	3,968
Lauderdale .....	10,838	14,918
Lawrence .....	7,601	10,383
Lewis .....	1,986	2,181
Lincoln .....	28,050	26,960
Macon .....	6,633	9,321
Madison .....	23,480	30,874
McMinn .....	13,969	15,064
McNairy .....	12,726	17,271
Marion .....	6,841	10,910
Marshall .....	16,207	19,259
Maury .....	36,289	39,945
